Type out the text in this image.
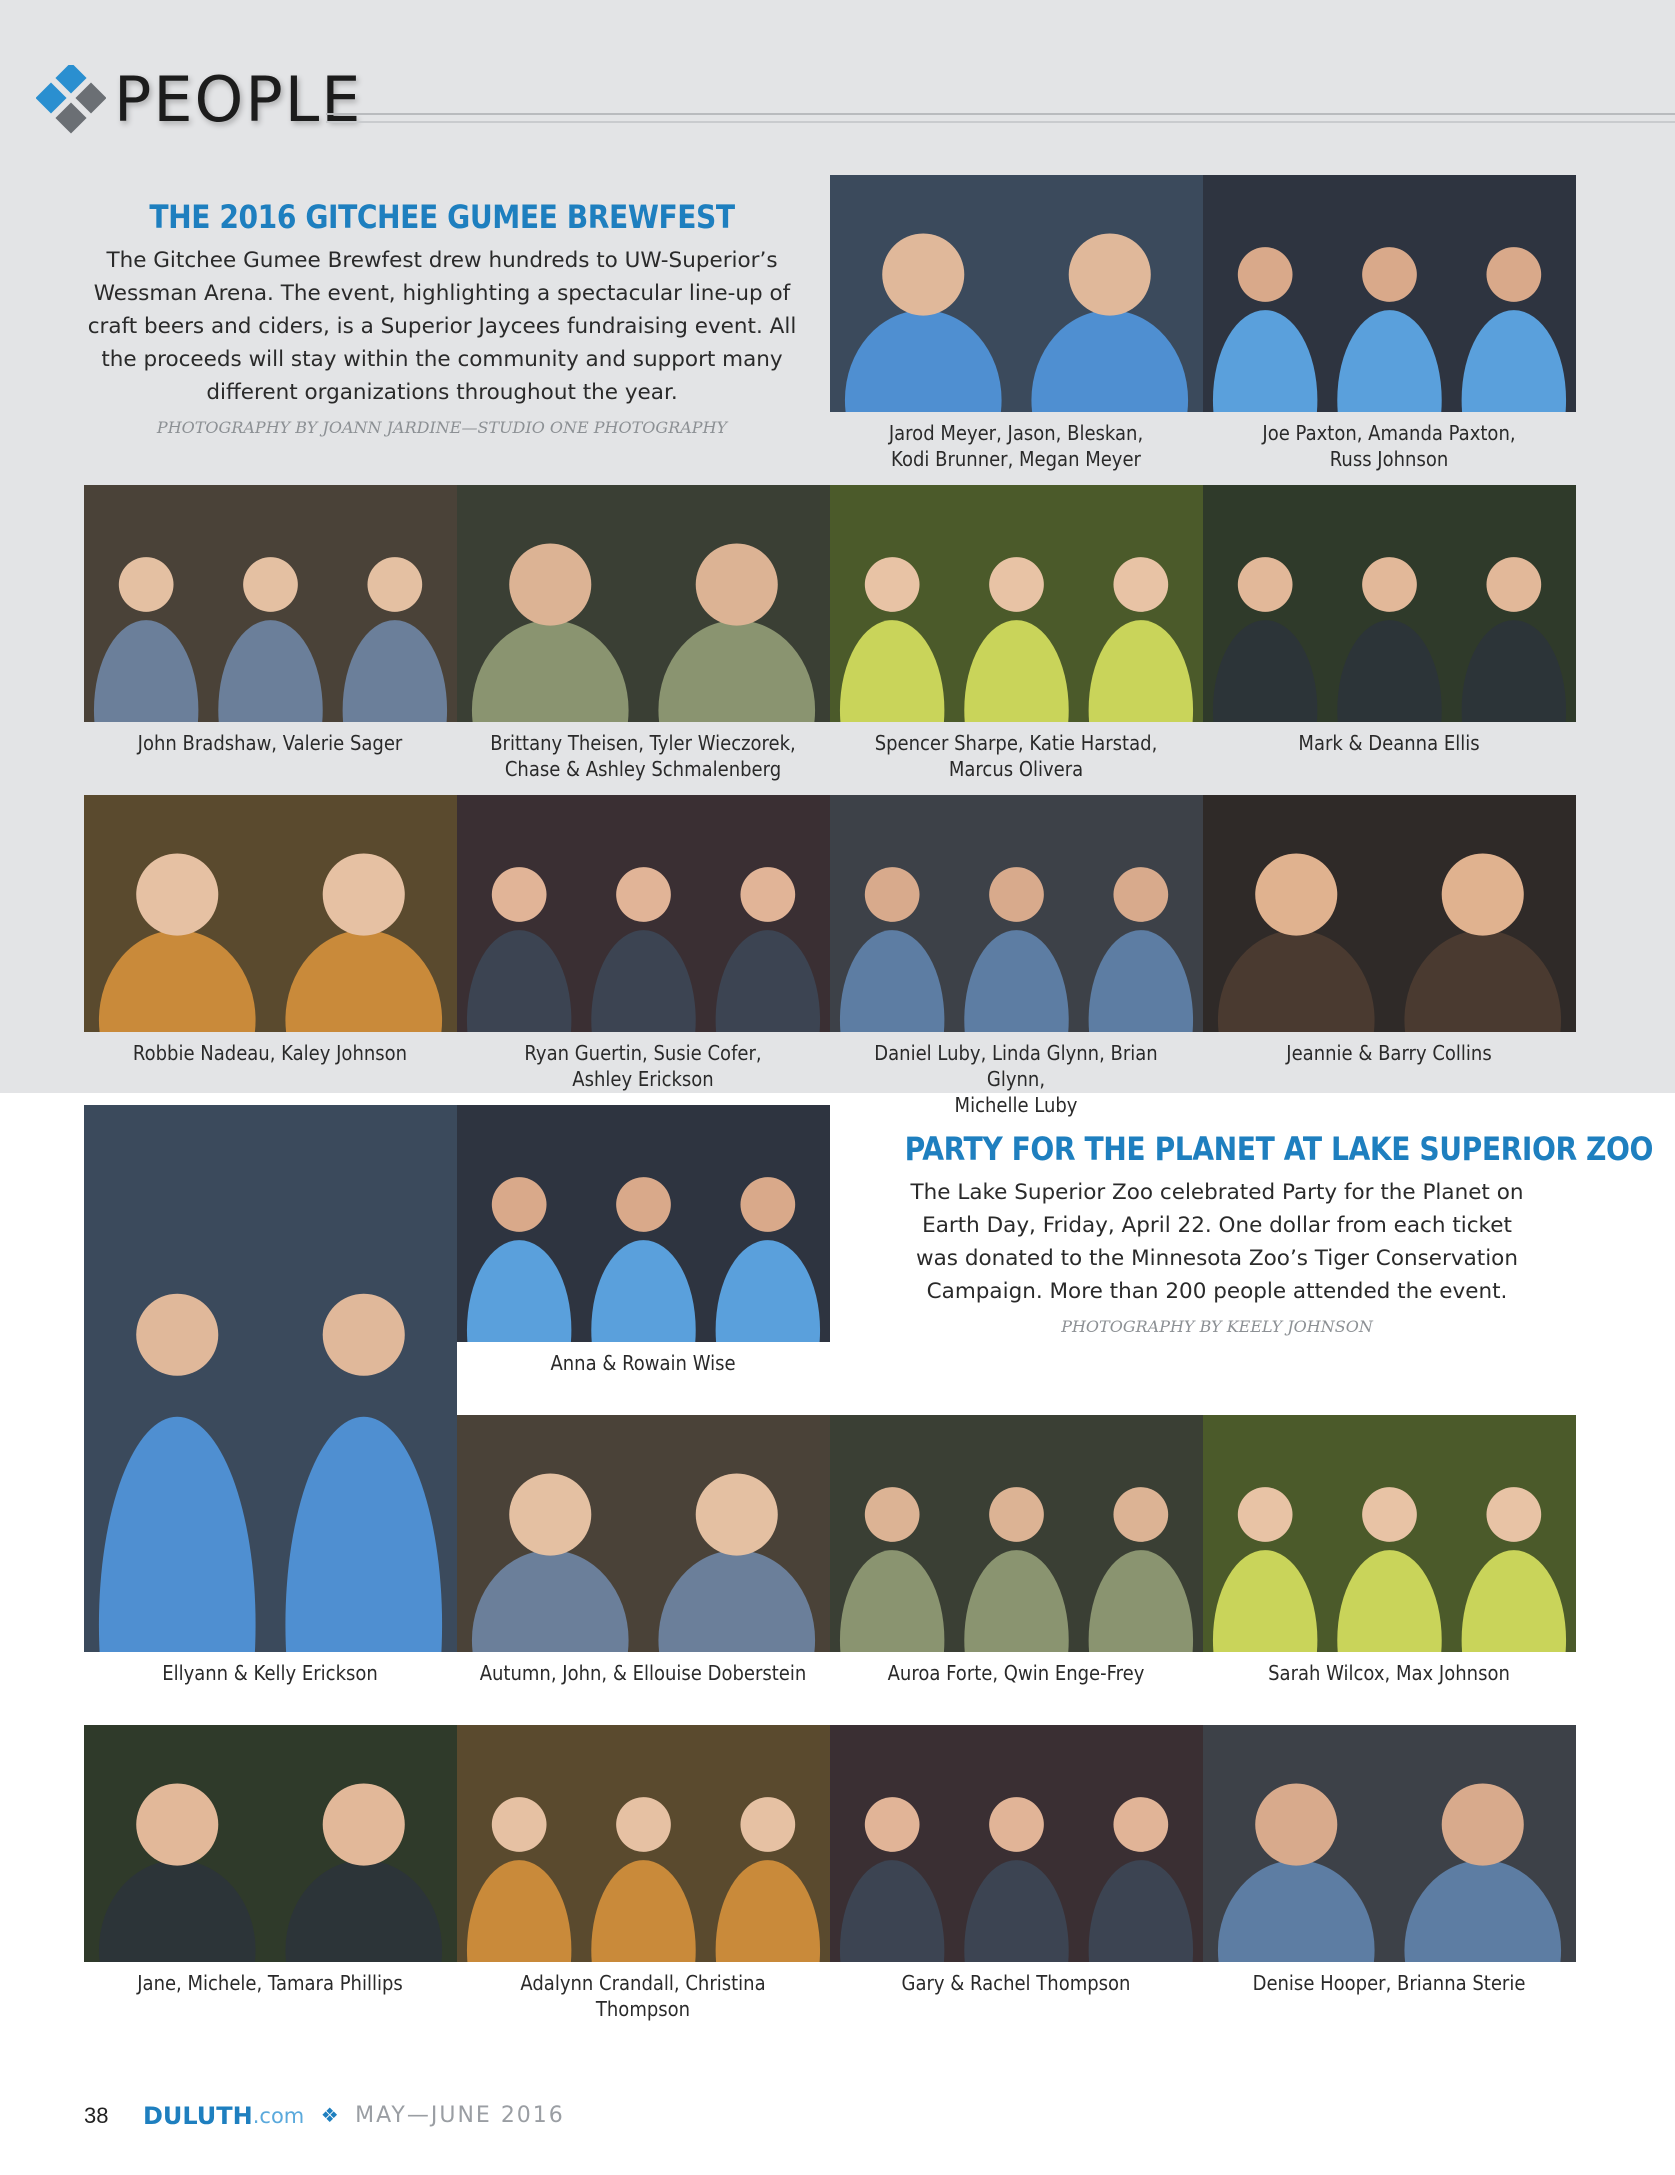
PEOPLE
THE 2016 GITCHEE GUMEE BREWFEST

The Gitchee Gumee Brewfest drew hundreds to UW-Superior’s
Wessman Arena. The event, highlighting a spectacular line-up of
craft beers and ciders, is a Superior Jaycees fundraising event. All
the proceeds will stay within the community and support many
different organizations throughout the year.

PHOTOGRAPHY BY JOANN JARDINE—STUDIO ONE PHOTOGRAPHY
PARTY FOR THE PLANET AT LAKE SUPERIOR ZOO

The Lake Superior Zoo celebrated Party for the Planet on
Earth Day, Friday, April 22. One dollar from each ticket
was donated to the Minnesota Zoo’s Tiger Conservation
Campaign. More than 200 people attended the event.

PHOTOGRAPHY BY KEELY JOHNSON
Jarod Meyer, Jason, Bleskan,
Kodi Brunner, Megan Meyer
Joe Paxton, Amanda Paxton,
Russ Johnson
John Bradshaw, Valerie Sager	Brittany Theisen, Tyler Wieczorek,
Chase & Ashley Schmalenberg
Spencer Sharpe, Katie Harstad,
Marcus Olivera
Mark & Deanna Ellis
Robbie Nadeau, Kaley Johnson	Ryan Guertin, Susie Cofer,
Ashley Erickson
Daniel Luby, Linda Glynn, Brian Glynn,
Michelle Luby
Jeannie & Barry Collins
Anna & Rowain Wise
Ellyann & Kelly Erickson	Autumn, John, & Ellouise Doberstein	Auroa Forte, Qwin Enge-Frey	Sarah Wilcox, Max Johnson
Jane, Michele, Tamara Phillips	Adalynn Crandall, Christina Thompson
Gary & Rachel Thompson	Denise Hooper, Brianna Sterie
38 DULUTH.com ❖ MAY—JUNE 2016
